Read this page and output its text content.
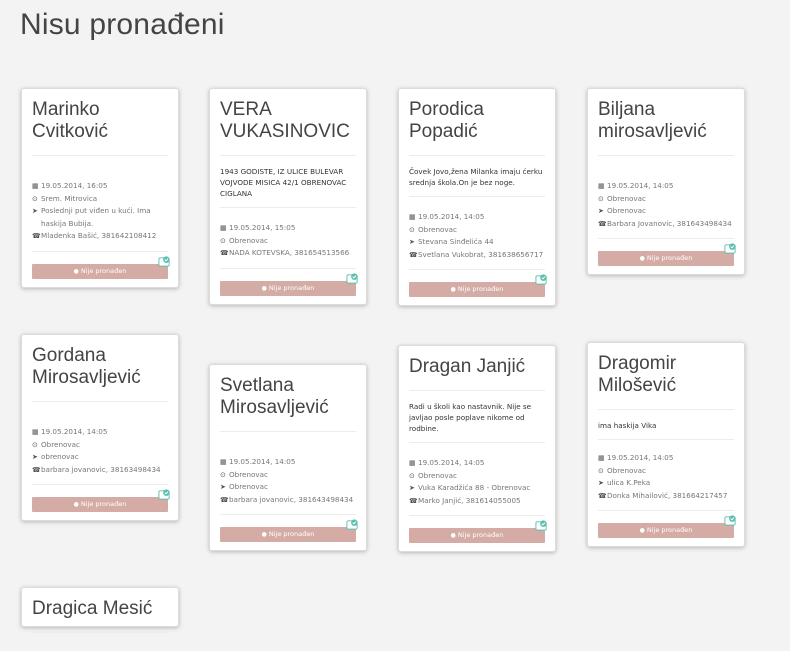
Nisu pronađeni
Marinko Cvitković
▦ 19.05.2014, 16:05
⊙ Srem. Mitrovica
➤ Poslednji put viđen u kući. Ima haskija Bubija.
☎ Mladenka Bašić, 381642108412
● Nije pronađen
VERA VUKASINOVIC
1943 GODISTE, IZ ULICE BULEVAR VOJVODE MISICA 42/1 OBRENOVAC CIGLANA
▦ 19.05.2014, 15:05
⊙ Obrenovac
☎ NADA KOTEVSKA, 381654513566
● Nije pronađen
Porodica Popadić
Čovek Jovo,žena Milanka imaju ćerku srednja škola.On je bez noge.
▦ 19.05.2014, 14:05
⊙ Obrenovac
➤ Stevana Sinđelića 44
☎ Svetlana Vukobrat, 381638656717
● Nije pronađen
Biljana mirosavljević
▦ 19.05.2014, 14:05
⊙ Obrenovac
➤ Obrenovac
☎ Barbara Jovanovic, 381643498434
● Nije pronađen
Gordana Mirosavljević
▦ 19.05.2014, 14:05
⊙ Obrenovac
➤ obrenovac
☎ barbara jovanovic, 38163498434
● Nije pronađen
Svetlana Mirosavljević
▦ 19.05.2014, 14:05
⊙ Obrenovac
➤ Obrenovac
☎ barbara jovanovic, 381643498434
● Nije pronađen
Dragan Janjić
Radi u školi kao nastavnik. Nije se javljao posle poplave nikome od rodbine.
▦ 19.05.2014, 14:05
⊙ Obrenovac
➤ Vuka Karadžića 88 - Obrenovac
☎ Marko Janjić, 381614055005
● Nije pronađen
Dragomir Milošević
ima haskija Vika
▦ 19.05.2014, 14:05
⊙ Obrenovac
➤ ulica K.Peka
☎ Donka Mihailović, 381664217457
● Nije pronađen
Dragica Mesić
